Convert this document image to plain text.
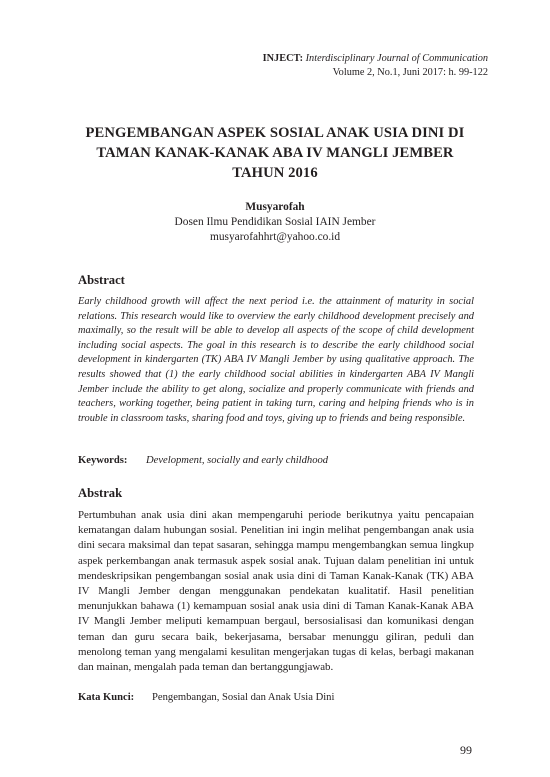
INJECT: Interdisciplinary Journal of Communication
Volume 2, No.1, Juni 2017: h. 99-122
PENGEMBANGAN ASPEK SOSIAL ANAK USIA DINI DI TAMAN KANAK-KANAK ABA IV MANGLI JEMBER TAHUN 2016
Musyarofah
Dosen Ilmu Pendidikan Sosial IAIN Jember
musyarofahhrt@yahoo.co.id
Abstract
Early childhood growth will affect the next period i.e. the attainment of maturity in social relations. This research would like to overview the early childhood development precisely and maximally, so the result will be able to develop all aspects of the scope of child development including social aspects. The goal in this research is to describe the early childhood social development in kindergarten (TK) ABA IV Mangli Jember by using qualitative approach. The results showed that (1) the early childhood social abilities in kindergarten ABA IV Mangli Jember include the ability to get along, socialize and properly communicate with friends and teachers, working together, being patient in taking turn, caring and helping friends who is in trouble in classroom tasks, sharing food and toys, giving up to friends and being responsible.
Keywords: Development, socially and early childhood
Abstrak
Pertumbuhan anak usia dini akan mempengaruhi periode berikutnya yaitu pencapaian kematangan dalam hubungan sosial. Penelitian ini ingin melihat pengembangan anak usia dini secara maksimal dan tepat sasaran, sehingga mampu mengembangkan semua lingkup aspek perkembangan anak termasuk aspek sosial anak. Tujuan dalam penelitian ini untuk mendeskripsikan pengembangan sosial anak usia dini di Taman Kanak-Kanak (TK) ABA IV Mangli Jember dengan menggunakan pendekatan kualitatif. Hasil penelitian menunjukkan bahawa (1) kemampuan sosial anak usia dini di Taman Kanak-Kanak ABA IV Mangli Jember meliputi kemampuan bergaul, bersosialisasi dan komunikasi dengan teman dan guru secara baik, bekerjasama, bersabar menunggu giliran, peduli dan menolong teman yang mengalami kesulitan mengerjakan tugas di kelas, berbagi makanan dan mainan, mengalah pada teman dan bertanggungjawab.
Kata Kunci: Pengembangan, Sosial dan Anak Usia Dini
99
